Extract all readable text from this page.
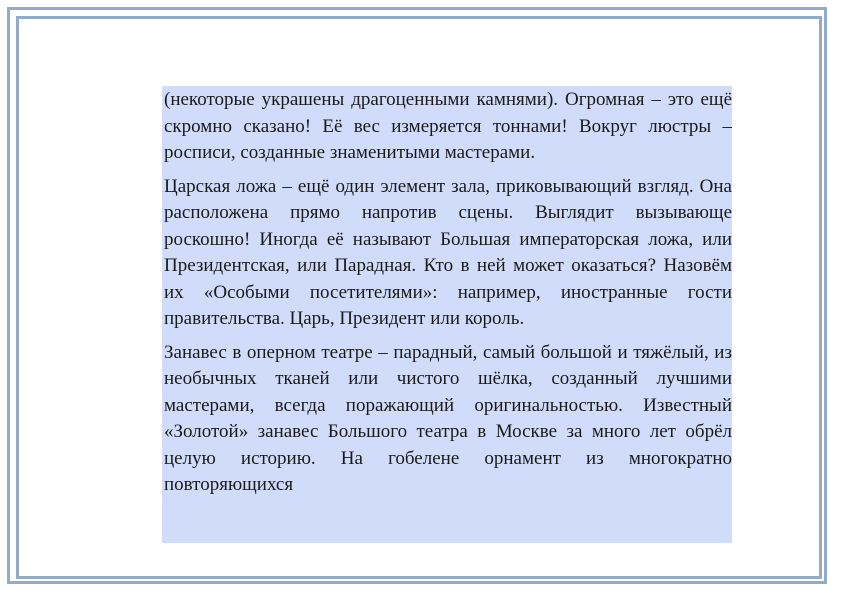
(некоторые украшены драгоценными камнями). Огромная – это ещё скромно сказано! Её вес измеряется тоннами! Вокруг люстры – росписи, созданные знаменитыми мастерами.

Царская ложа – ещё один элемент зала, приковывающий взгляд. Она расположена прямо напротив сцены. Выглядит вызывающе роскошно! Иногда её называют Большая императорская ложа, или Президентская, или Парадная. Кто в ней может оказаться? Назовём их «Особыми посетителями»: например, иностранные гости правительства. Царь, Президент или король.

Занавес в оперном театре – парадный, самый большой и тяжёлый, из необычных тканей или чистого шёлка, созданный лучшими мастерами, всегда поражающий оригинальностью. Известный «Золотой» занавес Большого театра в Москве за много лет обрёл целую историю. На гобелене орнамент из многократно повторяющихся
